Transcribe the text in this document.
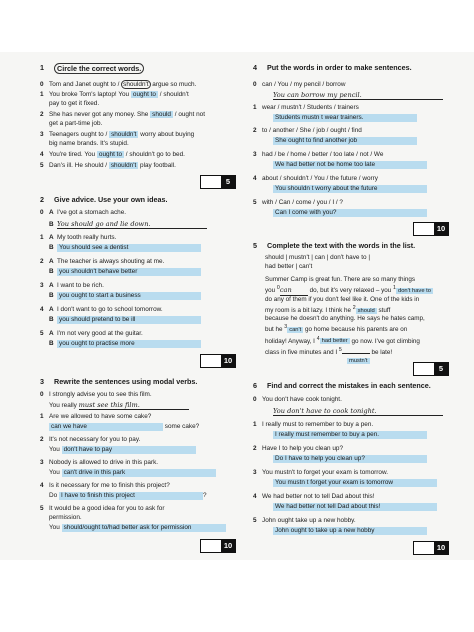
1	Circle the correct words.
0 Tom and Janet ought to / shouldn't argue so much.
1 You broke Tom's laptop! You ought to / shouldn't
pay to get it fixed.
2 She has never got any money. She should / ought not
get a part-time job.
3 Teenagers ought to / shouldn't worry about buying
big name brands. It's stupid.
4 You're tired. You ought to / shouldn't go to bed.
5 Dan's ill. He should / shouldn't play football.
5
2	Give advice. Use your own ideas.
0 A I've got a stomach ache.
B You should go and lie down.
1 A My tooth really hurts.
B You should see a dentist
2 A The teacher is always shouting at me.
B you shouldn't behave better
3 A I want to be rich.
B you ought to start a business
4 A I don't want to go to school tomorrow.
B you should pretend to be ill
5 A I'm not very good at the guitar.
B you ought to practise more
10
3	Rewrite the sentences using modal verbs.
0 I strongly advise you to see this film.
You really must see this film.
1 Are we allowed to have some cake?
can we have	some cake?
2 It's not necessary for you to pay.
You don't have to pay
3 Nobody is allowed to drive in this park.
You can't drive in this park
4 Is it necessary for me to finish this project?
Do I have to finish this project	?
5 It would be a good idea for you to ask for
permission.
You should/ought to/had better ask for permission
10
4	Put the words in order to make sentences.
0 can / You / my pencil / borrow
You can borrow my pencil.
1 wear / mustn't / Students / trainers
Students mustn t wear trainers.
2 to / another / She / job / ought / find
She ought to find another job
3 had / be / home / better / too late / not / We
We had better not be home too late
4 about / shouldn't / You / the future / worry
You shouldn t worry about the future
5 with / Can / come / you / I / ?
Can I come with you?
10
5	Complete the text with the words in the list.
should | mustn't | can | don't have to |
had better | can't
Summer Camp is great fun. There are so many things
you $^0$can	do, but it's very relaxed – you $^1$ don't have to
do any of them if you don't feel like it. One of the kids in
my room is a bit lazy. I think he $^2$should stuff
because he doesn't do anything. He says he hates camp,
but he $^3$can't go home because his parents are on
holiday! Anyway, I $^4$ had better go now. I've got climbing
class in five minutes and I $^5$	be late!
mustn't
5
6	Find and correct the mistakes in each sentence.
0 You don't have cook tonight.
You don't have to cook tonight.
1 I really must to remember to buy a pen.
I really must remember to buy a pen.
2 Have I to help you clean up?
Do I have to help you clean up?
3 You mustn't to forget your exam is tomorrow.
You mustn t forget your exam is tomorrow
4 We had better not to tell Dad about this!
We had better not tell Dad about this!
5 John ought take up a new hobby.
John ought to take up a new hobby
10
